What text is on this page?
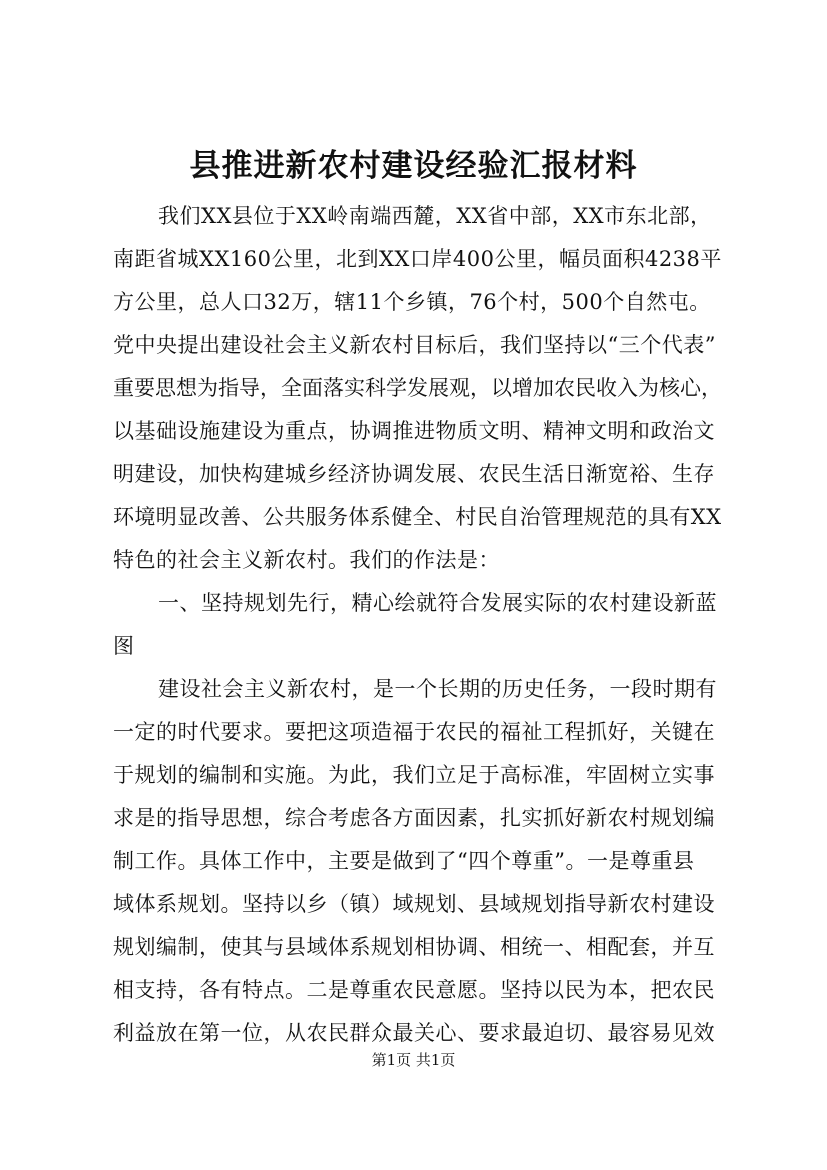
县推进新农村建设经验汇报材料
我们XX县位于XX岭南端西麓，XX省中部，XX市东北部，
南距省城XX160公里，北到XX口岸400公里，幅员面积4238平
方公里，总人口32万，辖11个乡镇，76个村，500个自然屯。
党中央提出建设社会主义新农村目标后，我们坚持以“三个代表”
重要思想为指导，全面落实科学发展观，以增加农民收入为核心，
以基础设施建设为重点，协调推进物质文明、精神文明和政治文
明建设，加快构建城乡经济协调发展、农民生活日渐宽裕、生存
环境明显改善、公共服务体系健全、村民自治管理规范的具有XX
特色的社会主义新农村。我们的作法是：
一、坚持规划先行，精心绘就符合发展实际的农村建设新蓝
图
建设社会主义新农村，是一个长期的历史任务，一段时期有
一定的时代要求。要把这项造福于农民的福祉工程抓好，关键在
于规划的编制和实施。为此，我们立足于高标准，牢固树立实事
求是的指导思想，综合考虑各方面因素，扎实抓好新农村规划编
制工作。具体工作中，主要是做到了“四个尊重”。一是尊重县
域体系规划。坚持以乡（镇）域规划、县域规划指导新农村建设
规划编制，使其与县域体系规划相协调、相统一、相配套，并互
相支持，各有特点。二是尊重农民意愿。坚持以民为本，把农民
利益放在第一位，从农民群众最关心、要求最迫切、最容易见效
第1页 共1页
